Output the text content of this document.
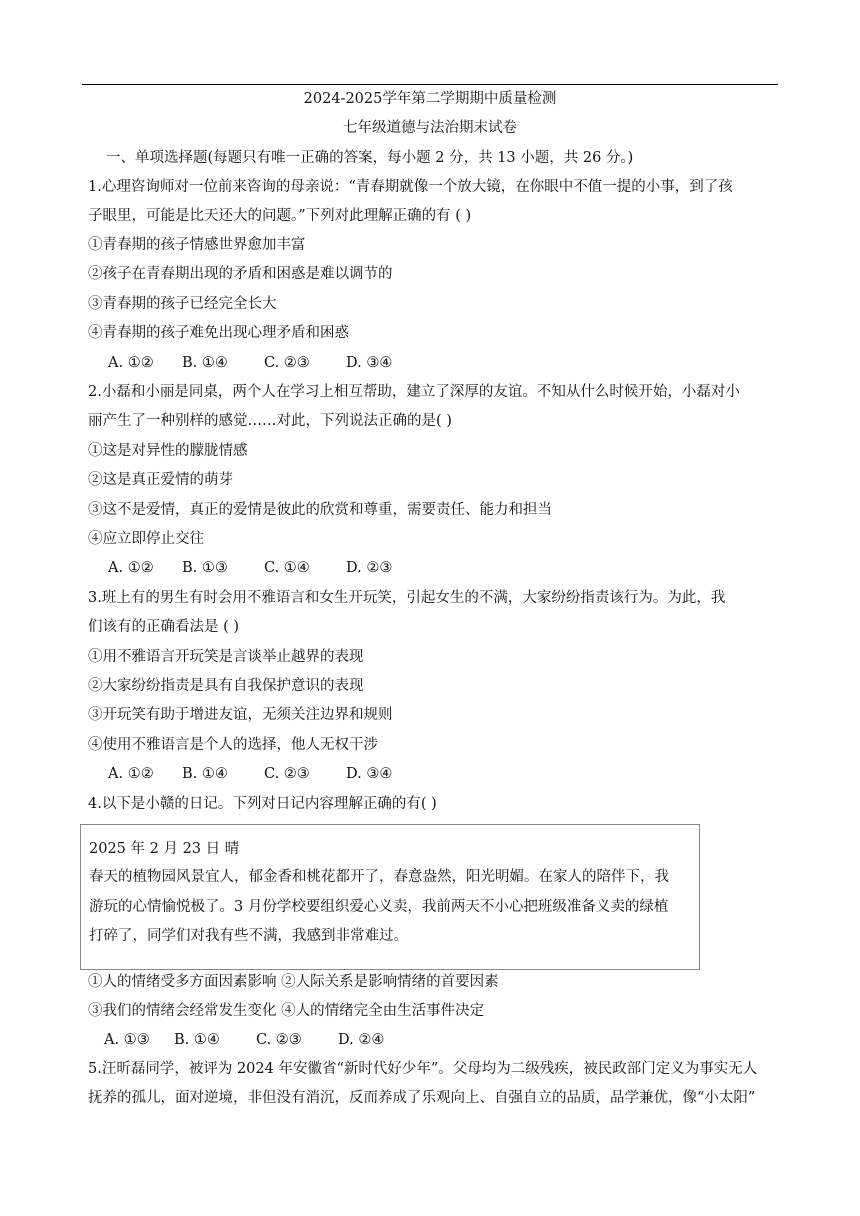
2024-2025学年第二学期期中质量检测
七年级道德与法治期末试卷
一、单项选择题(每题只有唯一正确的答案，每小题 2 分，共 13 小题，共 26 分。)
1.心理咨询师对一位前来咨询的母亲说：“青春期就像一个放大镜，在你眼中不值一提的小事，到了孩
子眼里，可能是比天还大的问题。”下列对此理解正确的有 ( )
①青春期的孩子情感世界愈加丰富
②孩子在青春期出现的矛盾和困惑是难以调节的
③青春期的孩子已经完全长大
④青春期的孩子难免出现心理矛盾和困惑
A. ①② B. ①④ C. ②③ D. ③④
2.小磊和小丽是同桌，两个人在学习上相互帮助，建立了深厚的友谊。不知从什么时候开始，小磊对小
丽产生了一种别样的感觉……对此，下列说法正确的是( )
①这是对异性的朦胧情感
②这是真正爱情的萌芽
③这不是爱情，真正的爱情是彼此的欣赏和尊重，需要责任、能力和担当
④应立即停止交往
A. ①② B. ①③ C. ①④ D. ②③
3.班上有的男生有时会用不雅语言和女生开玩笑，引起女生的不满，大家纷纷指责该行为。为此，我
们该有的正确看法是 ( )
①用不雅语言开玩笑是言谈举止越界的表现
②大家纷纷指责是具有自我保护意识的表现
③开玩笑有助于增进友谊，无须关注边界和规则
④使用不雅语言是个人的选择，他人无权干涉
A. ①② B. ①④ C. ②③ D. ③④
4.以下是小赣的日记。下列对日记内容理解正确的有( )
2025 年 2 月 23 日 晴
春天的植物园风景宜人，郁金香和桃花都开了，春意盎然，阳光明媚。在家人的陪伴下，我
游玩的心情愉悦极了。3 月份学校要组织爱心义卖，我前两天不小心把班级准备义卖的绿植
打碎了，同学们对我有些不满，我感到非常难过。
①人的情绪受多方面因素影响 ②人际关系是影响情绪的首要因素
③我们的情绪会经常发生变化 ④人的情绪完全由生活事件决定
A. ①③ B. ①④ C. ②③ D. ②④
5.汪昕磊同学，被评为 2024 年安徽省“新时代好少年”。父母均为二级残疾，被民政部门定义为事实无人
抚养的孤儿，面对逆境，非但没有消沉，反而养成了乐观向上、自强自立的品质，品学兼优，像“小太阳”
